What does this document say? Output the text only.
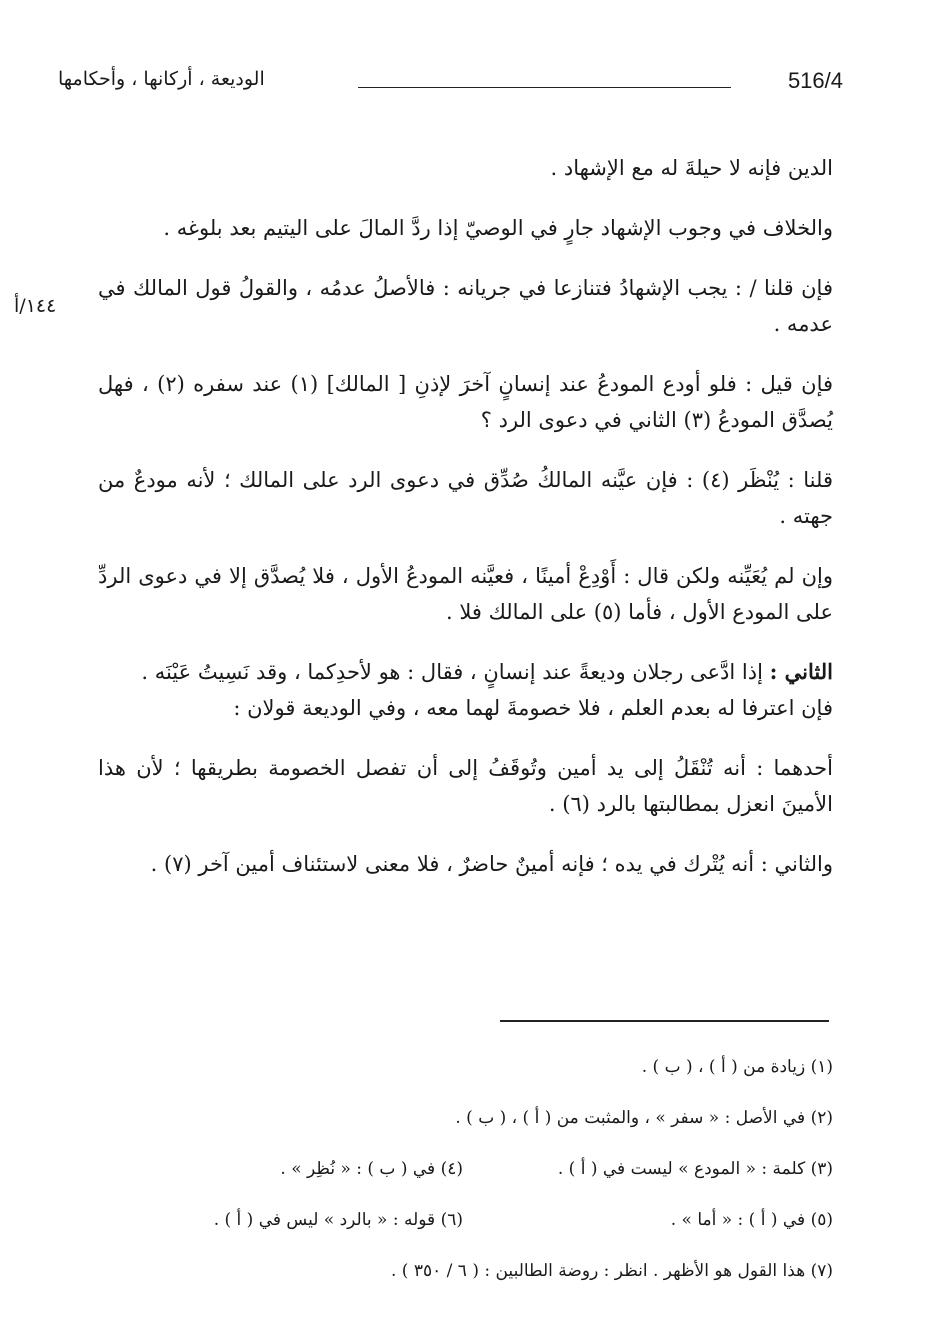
516/4
الوديعة ، أركانها ، وأحكامها
١٤٤/أ

الدين فإنه لا حيلةَ له مع الإشهاد .

والخلاف في وجوب الإشهاد جارٍ في الوصيّ إذا ردَّ المالَ على اليتيم بعد بلوغه .

فإن قلنا / : يجب الإشهادُ فتنازعا في جريانه : فالأصلُ عدمُه ، والقولُ قول المالك في عدمه .

فإن قيل : فلو أودع المودعُ عند إنسانٍ آخرَ لإذنِ [ المالك] (١) عند سفره (٢) ، فهل يُصدَّق المودعُ (٣) الثاني في دعوى الرد ؟

قلنا : يُنْظَر (٤) : فإن عيَّنه المالكُ صُدِّق في دعوى الرد على المالك ؛ لأنه مودعٌ من جهته .

وإن لم يُعَيِّنه ولكن قال : أَوْدِعْ أمينًا ، فعيَّنه المودعُ الأول ، فلا يُصدَّق إلا في دعوى الردِّ على المودع الأول ، فأما (٥) على المالك فلا .

الثاني : إذا ادَّعى رجلان وديعةً عند إنسانٍ ، فقال : هو لأحدِكما ، وقد نَسِيتُ عَيْنَه .
فإن اعترفا له بعدم العلم ، فلا خصومةَ لهما معه ، وفي الوديعة قولان :

أحدهما : أنه تُنْقَلُ إلى يد أمين وتُوقَفُ إلى أن تفصل الخصومة بطريقها ؛ لأن هذا الأمينَ انعزل بمطالبتها بالرد (٦) .

والثاني : أنه يُتْرك في يده ؛ فإنه أمينٌ حاضرٌ ، فلا معنى لاستئناف أمين آخر (٧) .

(١) زيادة من ( أ ) ، ( ب ) .
(٢) في الأصل : « سفر » ، والمثبت من ( أ ) ، ( ب ) .
(٣) كلمة : « المودع » ليست في ( أ ) .
(٤) في ( ب ) : « نُظِر » .
(٥) في ( أ ) : « أما » .
(٦) قوله : « بالرد » ليس في ( أ ) .
(٧) هذا القول هو الأظهر . انظر : روضة الطالبين : ( ٦ / ٣٥٠ ) .
